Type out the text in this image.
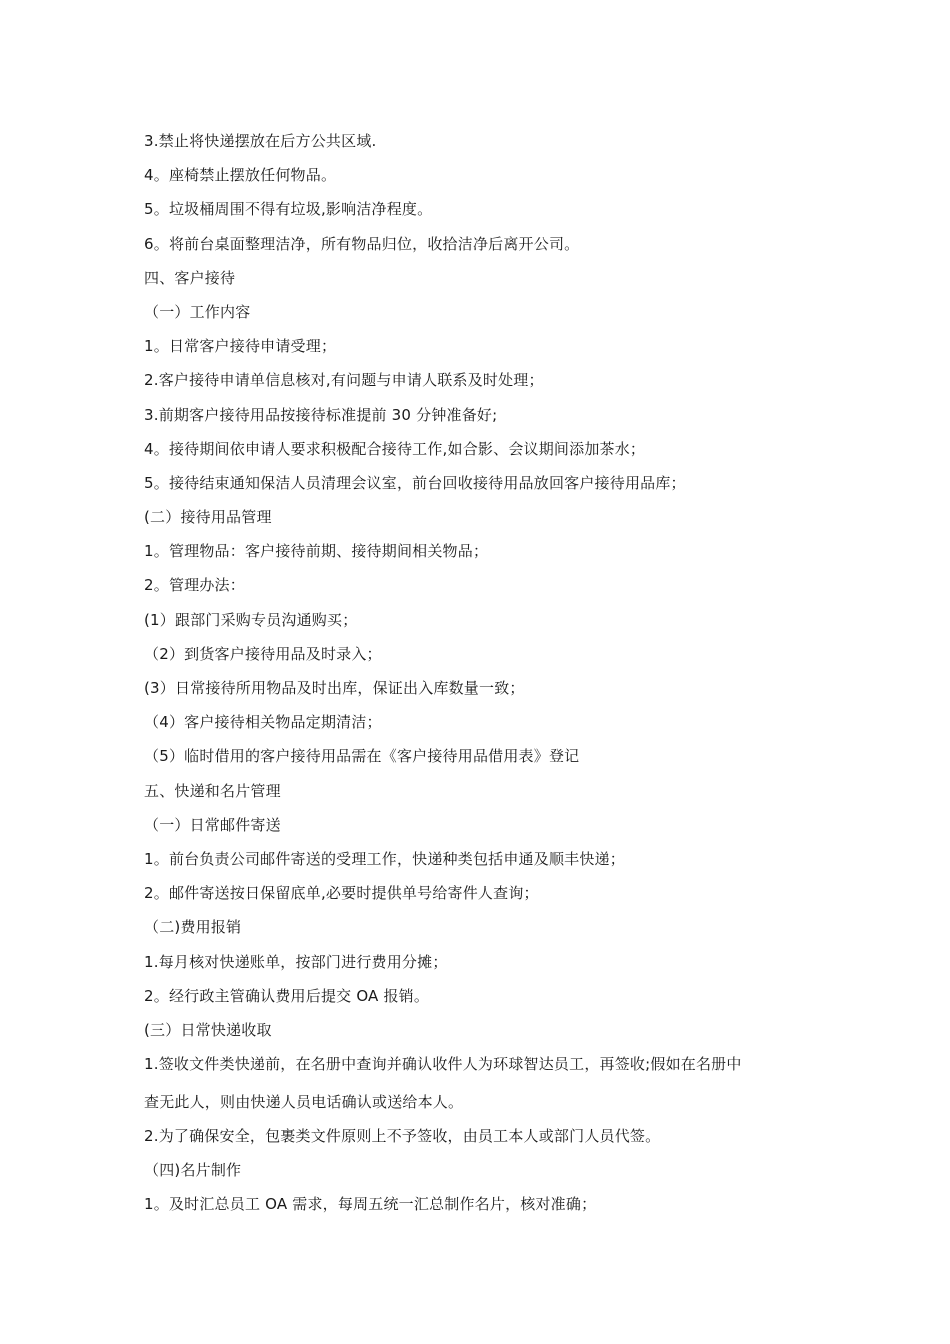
3.禁止将快递摆放在后方公共区域.
4。座椅禁止摆放任何物品。
5。垃圾桶周围不得有垃圾,影响洁净程度。
6。将前台桌面整理洁净，所有物品归位，收拾洁净后离开公司。
四、客户接待
（一）工作内容
1。日常客户接待申请受理；
2.客户接待申请单信息核对,有问题与申请人联系及时处理；
3.前期客户接待用品按接待标准提前 30 分钟准备好;
4。接待期间依申请人要求积极配合接待工作,如合影、会议期间添加茶水；
5。接待结束通知保洁人员清理会议室，前台回收接待用品放回客户接待用品库；
(二）接待用品管理
1。管理物品：客户接待前期、接待期间相关物品；
2。管理办法：
(1）跟部门采购专员沟通购买；
（2）到货客户接待用品及时录入；
(3）日常接待所用物品及时出库，保证出入库数量一致；
（4）客户接待相关物品定期清洁；
（5）临时借用的客户接待用品需在《客户接待用品借用表》登记
五、快递和名片管理
（一）日常邮件寄送
1。前台负责公司邮件寄送的受理工作，快递种类包括申通及顺丰快递；
2。邮件寄送按日保留底单,必要时提供单号给寄件人查询；
（二)费用报销
1.每月核对快递账单，按部门进行费用分摊；
2。经行政主管确认费用后提交 OA 报销。
(三）日常快递收取
1.签收文件类快递前，在名册中查询并确认收件人为环球智达员工，再签收;假如在名册中
查无此人，则由快递人员电话确认或送给本人。
2.为了确保安全，包裹类文件原则上不予签收，由员工本人或部门人员代签。
（四)名片制作
1。及时汇总员工 OA 需求，每周五统一汇总制作名片，核对准确；
